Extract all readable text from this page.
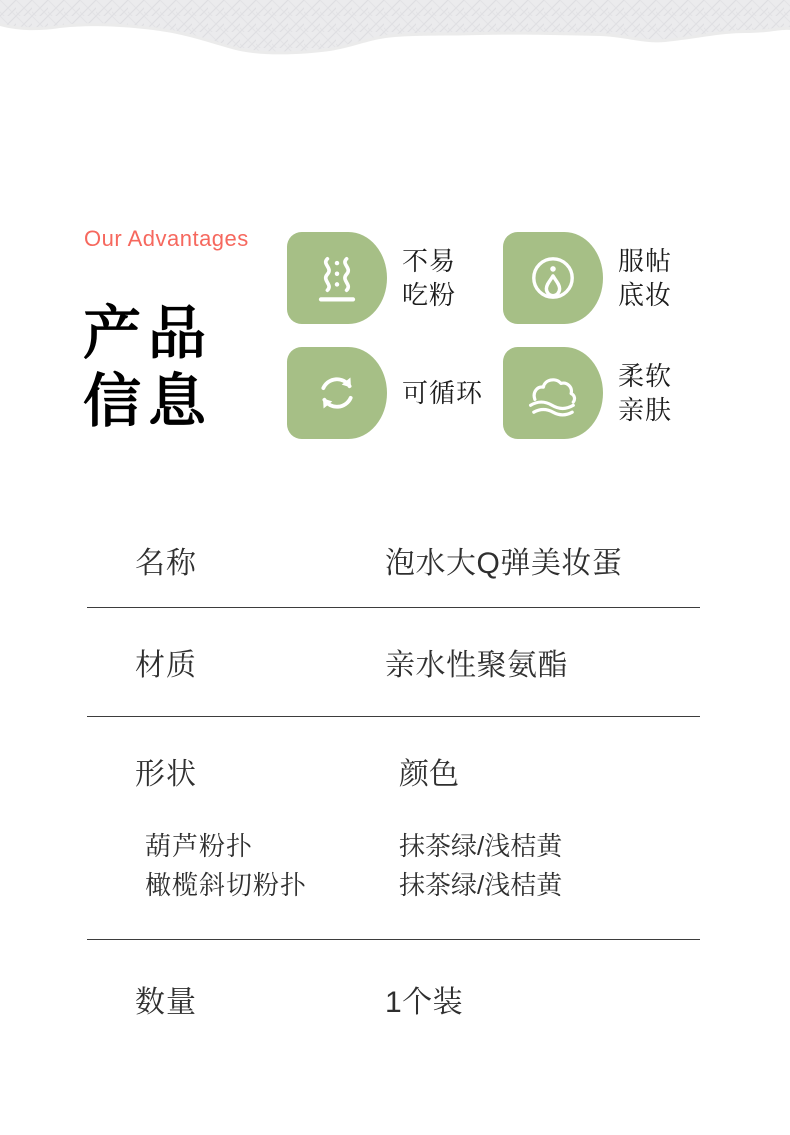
Our Advantages
产品
信息
不易
吃粉
服帖
底妆
可循环
柔软
亲肤
名称	泡水大Q弹美妆蛋
材质	亲水性聚氨酯
形状	颜色
葫芦粉扑	抹茶绿/浅桔黄
橄榄斜切粉扑	抹茶绿/浅桔黄
数量	1个装
